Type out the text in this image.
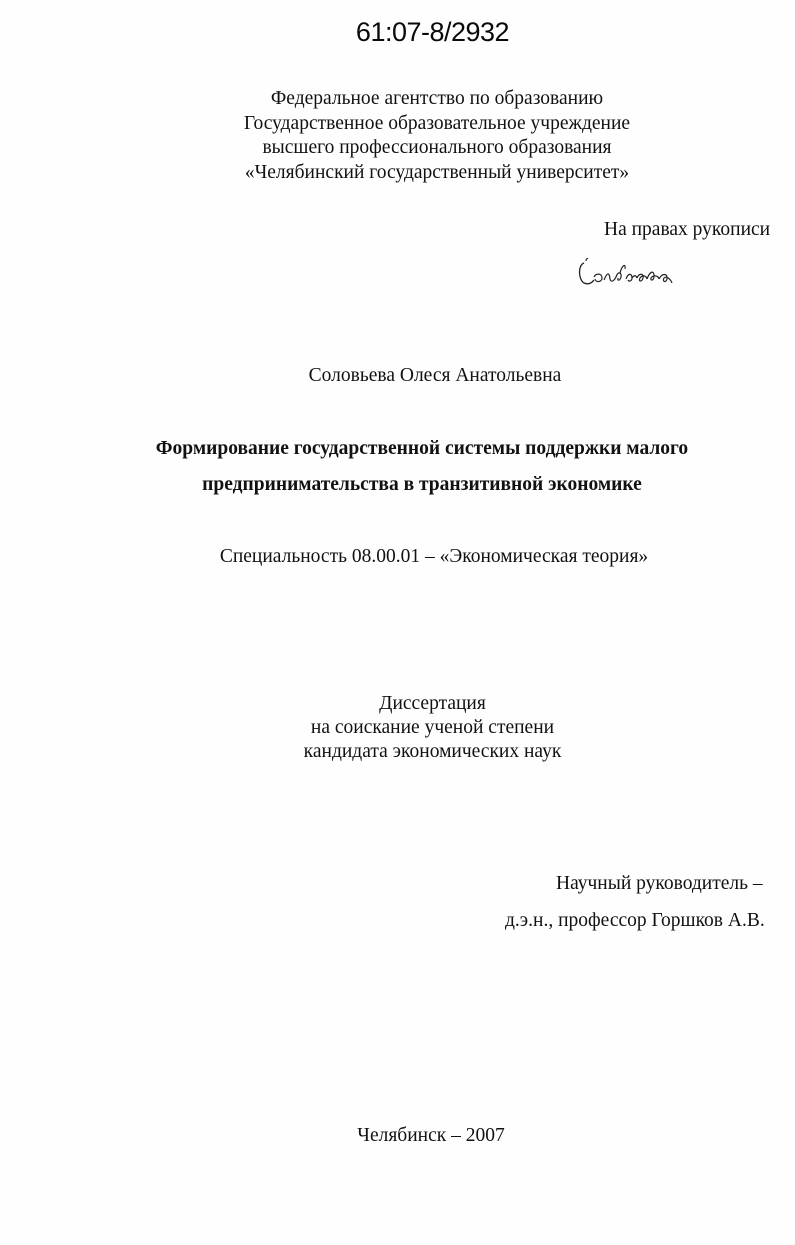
61:07-8/2932
Федеральное агентство по образованию
Государственное образовательное учреждение
высшего профессионального образования
«Челябинский государственный университет»
На правах рукописи
Соловьева Олеся Анатольевна
Формирование государственной системы поддержки малого
предпринимательства в транзитивной экономике
Специальность 08.00.01 – «Экономическая теория»
Диссертация
на соискание ученой степени
кандидата экономических наук
Научный руководитель –
д.э.н., профессор Горшков А.В.
Челябинск – 2007
